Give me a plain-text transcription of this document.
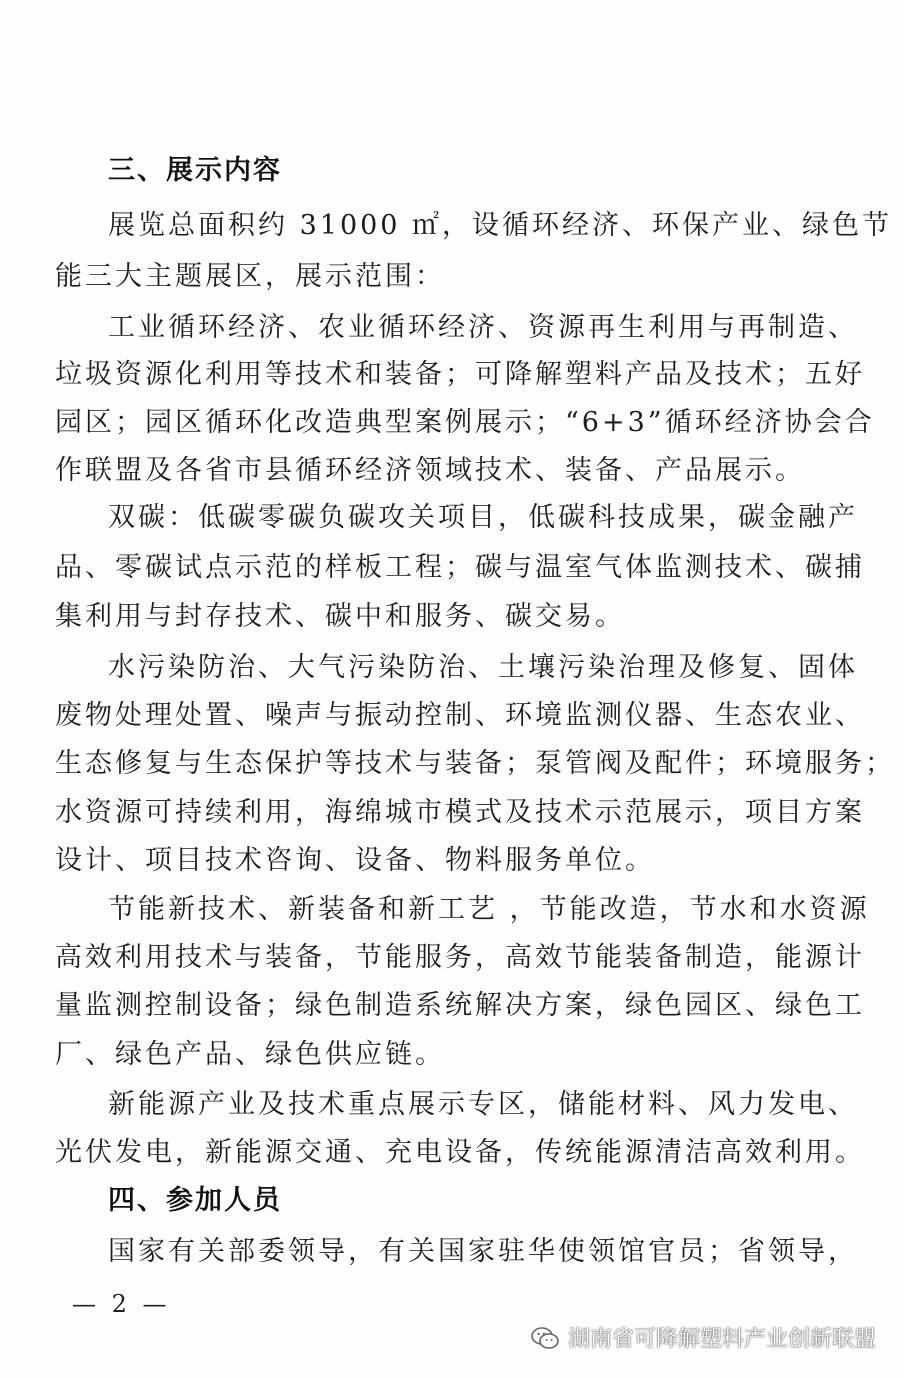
三、展示内容
展览总面积约 31000 ㎡，设循环经济、环保产业、绿色节
能三大主题展区，展示范围：
工业循环经济、农业循环经济、资源再生利用与再制造、
垃圾资源化利用等技术和装备；可降解塑料产品及技术；五好
园区；园区循环化改造典型案例展示；“6+3”循环经济协会合
作联盟及各省市县循环经济领域技术、装备、产品展示。
双碳：低碳零碳负碳攻关项目，低碳科技成果，碳金融产
品、零碳试点示范的样板工程；碳与温室气体监测技术、碳捕
集利用与封存技术、碳中和服务、碳交易。
水污染防治、大气污染防治、土壤污染治理及修复、固体
废物处理处置、噪声与振动控制、环境监测仪器、生态农业、
生态修复与生态保护等技术与装备；泵管阀及配件；环境服务；
水资源可持续利用，海绵城市模式及技术示范展示，项目方案
设计、项目技术咨询、设备、物料服务单位。
节能新技术、新装备和新工艺 ，节能改造，节水和水资源
高效利用技术与装备，节能服务，高效节能装备制造，能源计
量监测控制设备；绿色制造系统解决方案，绿色园区、绿色工
厂、绿色产品、绿色供应链。
新能源产业及技术重点展示专区，储能材料、风力发电、
光伏发电，新能源交通、充电设备，传统能源清洁高效利用。
四、参加人员
国家有关部委领导，有关国家驻华使领馆官员；省领导，
— 2 —
湖南省可降解塑料产业创新联盟
